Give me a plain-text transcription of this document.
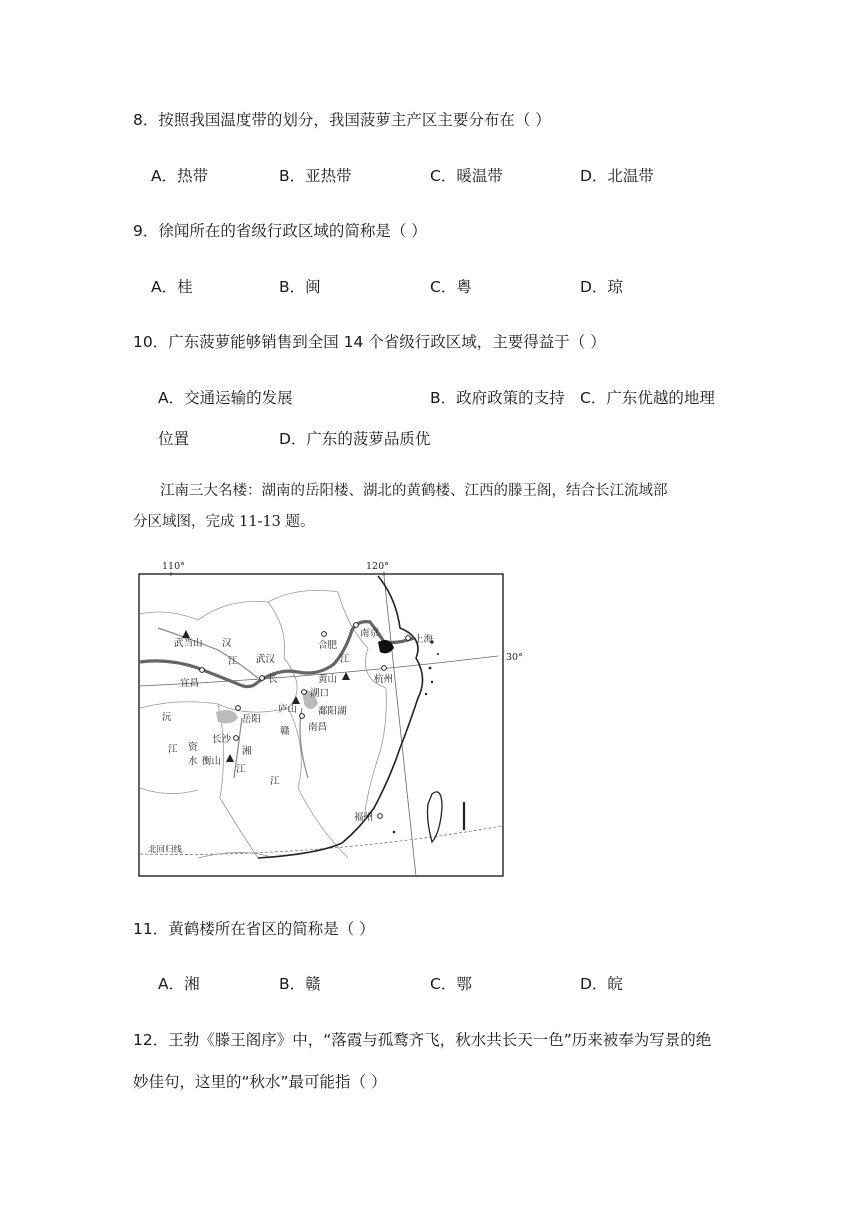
8．按照我国温度带的划分，我国菠萝主产区主要分布在（ ）
A．热带	B．亚热带	C．暖温带	D．北温带
9．徐闻所在的省级行政区域的简称是（ ）
A．桂	B．闽	C．粤	D．琼
10．广东菠萝能够销售到全国 14 个省级行政区域，主要得益于（ ）
A．交通运输的发展	B．政府政策的支持 C．广东优越的地理
位置	D．广东的菠萝品质优
江南三大名楼：湖南的岳阳楼、湖北的黄鹤楼、江西的滕王阁，结合长江流域部
分区域图，完成 11-13 题。
110°	120°
30°
北回归线
武当山 汉
江 武汉
长
合肥
南京
江
上海
宜昌	黄山	杭州
湖口
沅	岳阳
庐山 鄱阳湖
南昌
赣
长沙
江 资
水
湘
衡山
江
江
福州
11．黄鹤楼所在省区的简称是（ ）
A．湘	B．赣	C．鄂	D．皖
12．王勃《滕王阁序》中，“落霞与孤鹜齐飞，秋水共长天一色”历来被奉为写景的绝
妙佳句，这里的“秋水”最可能指（ ）
